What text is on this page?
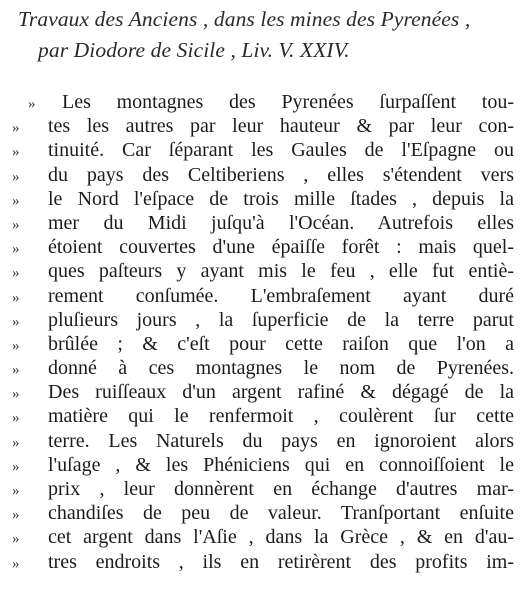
Travaux des Anciens , dans les mines des Pyrenées ,
par Diodore de Sicile , Liv. V. XXIV.
»	Les montagnes des Pyrenées ſurpaſſent tou-
»	tes les autres par leur hauteur & par leur con-
»	tinuité. Car ſéparant les Gaules de l'Eſpagne ou
»	du pays des Celtiberiens , elles s'étendent vers
»	le Nord l'eſpace de trois mille ſtades , depuis la
»	mer du Midi juſqu'à l'Océan. Autrefois elles
»	étoient couvertes d'une épaiſſe forêt : mais quel-
»	ques paſteurs y ayant mis le feu , elle fut entiè-
»	rement conſumée. L'embraſement ayant duré
»	pluſieurs jours , la ſuperficie de la terre parut
»	brûlée ; & c'eſt pour cette raiſon que l'on a
»	donné à ces montagnes le nom de Pyrenées.
»	Des ruiſſeaux d'un argent rafiné & dégagé de la
»	matière qui le renfermoit , coulèrent ſur cette
»	terre. Les Naturels du pays en ignoroient alors
»	l'uſage , & les Phéniciens qui en connoiſſoient le
»	prix , leur donnèrent en échange d'autres mar-
»	chandiſes de peu de valeur. Tranſportant enſuite
»	cet argent dans l'Aſie , dans la Grèce , & en d'au-
»	tres endroits , ils en retirèrent des profits im-
